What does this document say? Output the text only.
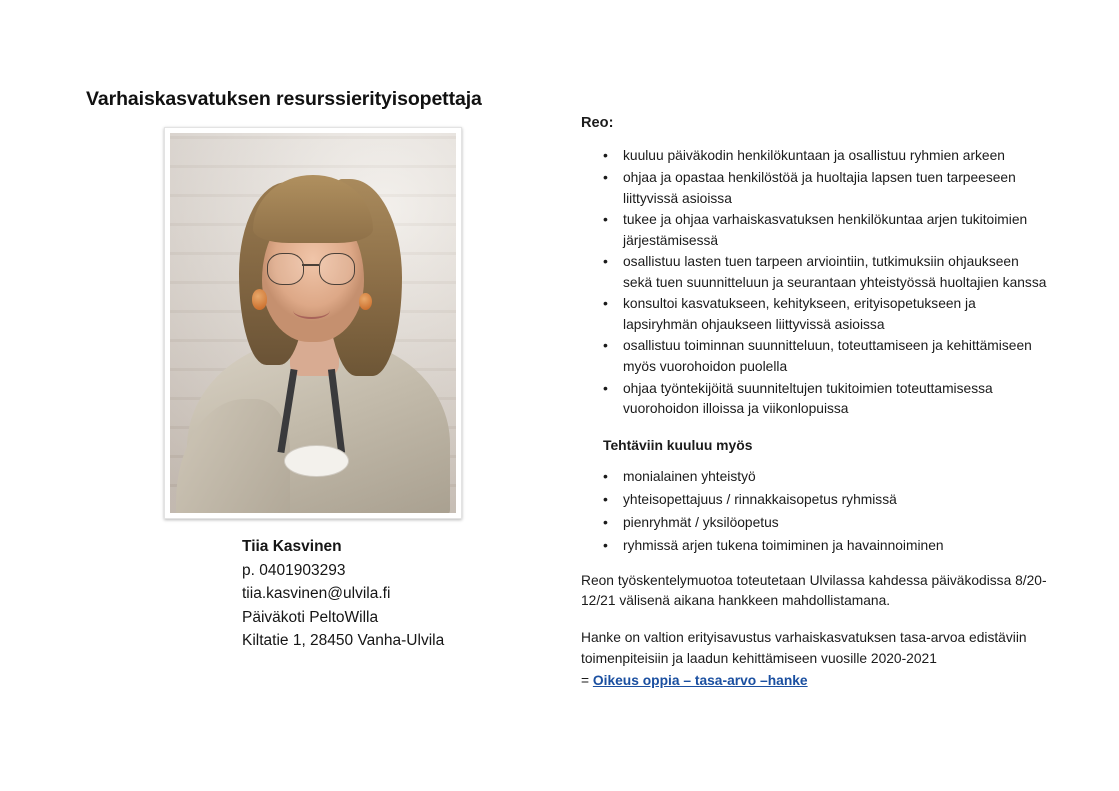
Varhaiskasvatuksen resurssierityisopettaja
Tiia Kasvinen
p. 0401903293
tiia.kasvinen@ulvila.fi
Päiväkoti PeltoWilla
Kiltatie 1, 28450 Vanha-Ulvila
Reo:
• kuuluu päiväkodin henkilökuntaan ja osallistuu ryhmien arkeen
• ohjaa ja opastaa henkilöstöä ja huoltajia lapsen tuen tarpeeseen liittyvissä asioissa
• tukee ja ohjaa varhaiskasvatuksen henkilökuntaa arjen tukitoimien järjestämisessä
• osallistuu lasten tuen tarpeen arviointiin, tutkimuksiin ohjaukseen sekä tuen suunnitteluun ja seurantaan yhteistyössä huoltajien kanssa
• konsultoi kasvatukseen, kehitykseen, erityisopetukseen ja lapsiryhmän ohjaukseen liittyvissä asioissa
• osallistuu toiminnan suunnitteluun, toteuttamiseen ja kehittämiseen myös vuorohoidon puolella
• ohjaa työntekijöitä suunniteltujen tukitoimien toteuttamisessa vuorohoidon illoissa ja viikonlopuissa
Tehtäviin kuuluu myös
• monialainen yhteistyö
• yhteisopettajuus / rinnakkaisopetus ryhmissä
• pienryhmät / yksilöopetus
• ryhmissä arjen tukena toimiminen ja havainnoiminen

Reon työskentelymuotoa toteutetaan Ulvilassa kahdessa päiväkodissa 8/20-12/21 välisenä aikana hankkeen mahdollistamana.

Hanke on valtion erityisavustus varhaiskasvatuksen tasa-arvoa edistäviin toimenpiteisiin ja laadun kehittämiseen vuosille 2020-2021

= Oikeus oppia – tasa-arvo –hanke
